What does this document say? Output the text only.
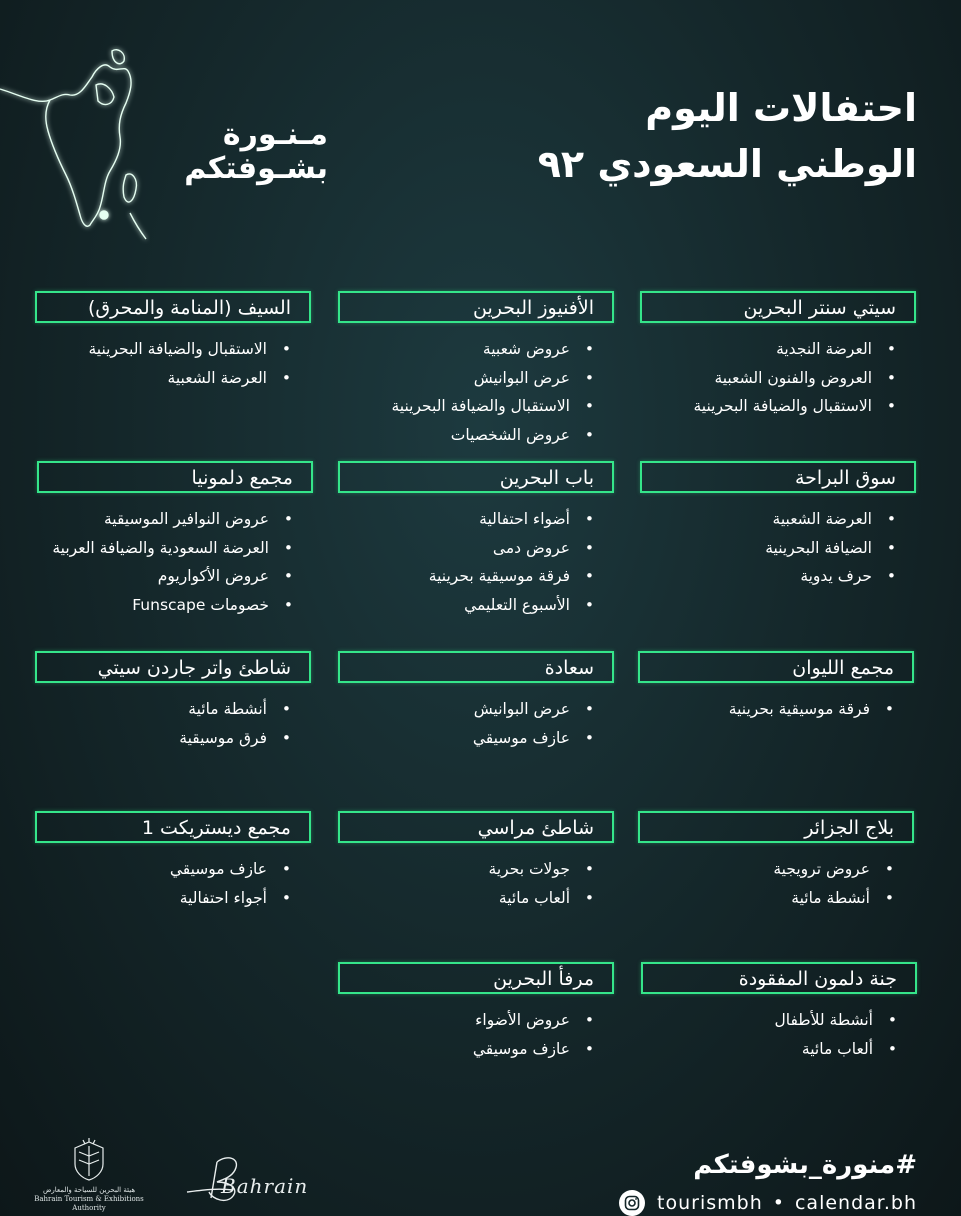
مـنـورة
بشـوفتكم
احتفالات اليوم
الوطني السعودي ٩٢
سيتي سنتر البحرين
• العرضة النجدية
• العروض والفنون الشعبية
• الاستقبال والضيافة البحرينية
الأفنيوز البحرين
• عروض شعبية
• عرض البوانيش
• الاستقبال والضيافة البحرينية
• عروض الشخصيات
السيف (المنامة والمحرق)
• الاستقبال والضيافة البحرينية
• العرضة الشعبية
سوق البراحة
• العرضة الشعبية
• الضيافة البحرينية
• حرف يدوية
باب البحرين
• أضواء احتفالية
• عروض دمى
• فرقة موسيقية بحرينية
• الأسبوع التعليمي
مجمع دلمونيا
• عروض النوافير الموسيقية
• العرضة السعودية والضيافة العربية
• عروض الأكواريوم
• خصومات Funscape
مجمع الليوان
• فرقة موسيقية بحرينية
سعادة
• عرض البوانيش
• عازف موسيقي
شاطئ واتر جاردن سيتي
• أنشطة مائية
• فرق موسيقية
بلاج الجزائر
• عروض ترويجية
• أنشطة مائية
شاطئ مراسي
• جولات بحرية
• ألعاب مائية
مجمع ديستريكت 1
• عازف موسيقي
• أجواء احتفالية
جنة دلمون المفقودة
• أنشطة للأطفال
• ألعاب مائية
مرفأ البحرين
• عروض الأضواء
• عازف موسيقي
هيئة البحرين للسياحة والمعارض
Bahrain Tourism & Exhibitions Authority
Bahrain
#منورة_بشوفتكم
tourismbh • calendar.bh
